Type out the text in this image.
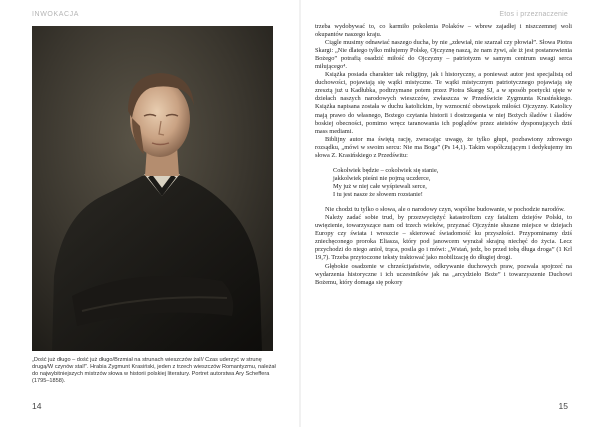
INWOKACJA
„Dość już długo – dość już długo/Brzmiał na strunach wieszczów żal!/ Czas uderzyć w strunę drugą/W czynów stal!”. Hrabia Zygmunt Krasiński, jeden z trzech wieszczów Romantyzmu, należał do najwybitniejszych mistrzów słowa w historii polskiej literatury. Portret autorstwa Ary Scheffera (1795–1858).
14
Etos i przeznaczenie

trzeba wydobywać to, co karmiło pokolenia Polaków – wbrew zajadłej i niszczemnej woli okupantów naszego kraju.

Ciągle musimy odnawiać naszego ducha, by nie „zdewiał, nie szarzał czy płowiał”. Słowa Piotra Skargi: „Nie dlatego tylko miłujemy Polskę, Ojczyznę naszą, że nam żywi, ale iż jest postanowienia Bożego” potrafią osadzić miłość do Ojczyzny – patriotyzm w samym centrum uwagi serca miłującego⁴.

Książka posiada charakter tak religijny, jak i historyczny, a ponieważ autor jest specjalistą od duchowości, pojawiają się wątki mistyczne. Te wątki mistycznym patriotycznego pojawiają się zresztą już u Kadłubka, podtrzymane potem przez Piotra Skargę SJ, a w sposób poetycki ujęte w dziełach naszych narodowych wieszczów, zwłaszcza w Przedświcie Zygmunta Krasińskiego. Książka napisana została w duchu katolickim, by wzmocnić obowiązek miłości Ojczyzny. Katolicy mają prawo do własnego, Bożego czytania historii i dostrzegania w niej Bożych śladów i śladów boskiej obecności, pomimo wręcz taranowania ich poglądów przez ateistów dysponujących dziś mass mediami.

Biblijny autor ma świętą rację, zwracając uwagę, że tylko głupi, pozbawiony zdrowego rozsądku, „mówi w swoim sercu: Nie ma Boga” (Ps 14,1). Takim współczującym i dedykujemy im słowa Z. Krasińskiego z Przedświtu:

Cokolwiek będzie – cokolwiek się stanie,
jakkolwiek pieśni nie pojmą uczderce,
My już w niej całe wyśpiewali serce,
I tu jest nasze że słowem rozstanie!

Nie chodzi tu tylko o słowa, ale o narodowy czyn, wspólne budowanie, w pochodzie narodów.

Należy zadać sobie trud, by przezwyciężyć katastrofizm czy fatalizm dziejów Polski, to uwięzienie, towarzyszące nam od trzech wieków, przyznać Ojczyźnie słuszne miejsce w dziejach Europy czy świata i wreszcie – skierować świadomość ku przyszłości. Przypominamy dziś zniechęconego proroka Eliasza, który pod janowcem wyrażał skrajną niechęć do życia. Lecz przychodzi do niego anioł, trąca, posila go i mówi: „Wstań, jedz, bo przed tobą długa droga” (1 Krl 19,7). Trzeba przytoczone teksty traktować jako mobilizację do długiej drogi.

Głębokie osadzenie w chrześcijaństwie, odkrywanie duchowych praw, pozwala spojrzeć na wydarzenia historyczne i ich uczestników jak na „arcydzieło Boże” i towarzyszenie Duchowi Bożemu, który domaga się pokory

15
